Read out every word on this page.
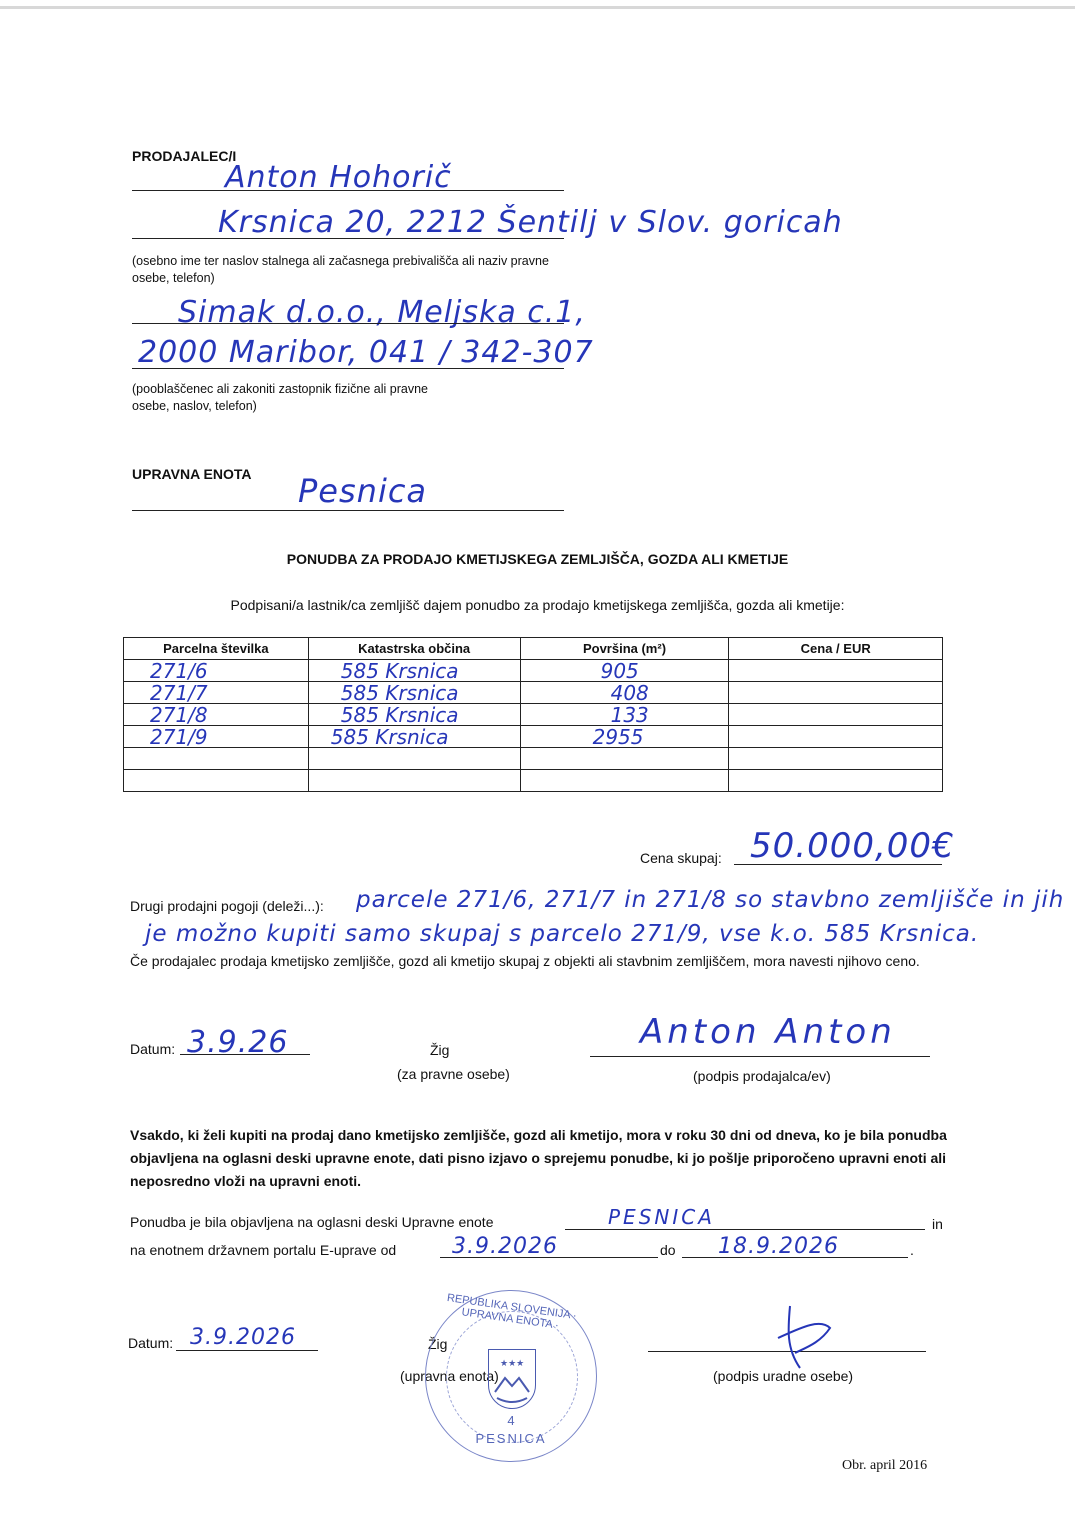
PRODAJALEC/I
Anton Hohorič
Krsnica 20, 2212 Šentilj v Slov. goricah
(osebno ime ter naslov stalnega ali začasnega prebivališča ali naziv pravne osebe, telefon)
Simak d.o.o., Meljska c.1,
2000 Maribor, 041 / 342-307
(pooblaščenec ali zakoniti zastopnik fizične ali pravne osebe, naslov, telefon)
UPRAVNA ENOTA Pesnica
PONUDBA ZA PRODAJO KMETIJSKEGA ZEMLJIŠČA, GOZDA ALI KMETIJE
Podpisani/a lastnik/ca zemljišč dajem ponudbo za prodajo kmetijskega zemljišča, gozda ali kmetije:
Parcelna številka	Katastrska občina	Površina (m²)	Cena / EUR

271/6	585 Krsnica	905	

271/7	585 Krsnica	408	

271/8	585 Krsnica	133	

271/9	585 Krsnica	2955	

Cena skupaj: 50.000,00€
Drugi prodajni pogoji (deleži...): parcele 271/6, 271/7 in 271/8 so stavbno zemljišče in jih
je možno kupiti samo skupaj s parcelo 271/9, vse k.o. 585 Krsnica.
Če prodajalec prodaja kmetijsko zemljišče, gozd ali kmetijo skupaj z objekti ali stavbnim zemljiščem, mora navesti njihovo ceno.
Datum: 3.9.26	Žig
(za pravne osebe)
Anton Anton
(podpis prodajalca/ev)
Vsakdo, ki želi kupiti na prodaj dano kmetijsko zemljišče, gozd ali kmetijo, mora v roku 30 dni od dneva, ko je bila ponudba objavljena na oglasni deski upravne enote, dati pisno izjavo o sprejemu ponudbe, ki jo pošlje priporočeno upravni enoti ali neposredno vloži na upravni enoti.
Ponudba je bila objavljena na oglasni deski Upravne enote	PESNICA	in
na enotnem državnem portalu E-uprave od	3.9.2026	do 18.9.2026	.
Datum: 3.9.2026	Žig
(upravna enota)	(podpis uradne osebe)
REPUBLIKA SLOVENIJA · UPRAVNA ENOTA ·
★★★
4
PESNICA
Obr. april 2016
